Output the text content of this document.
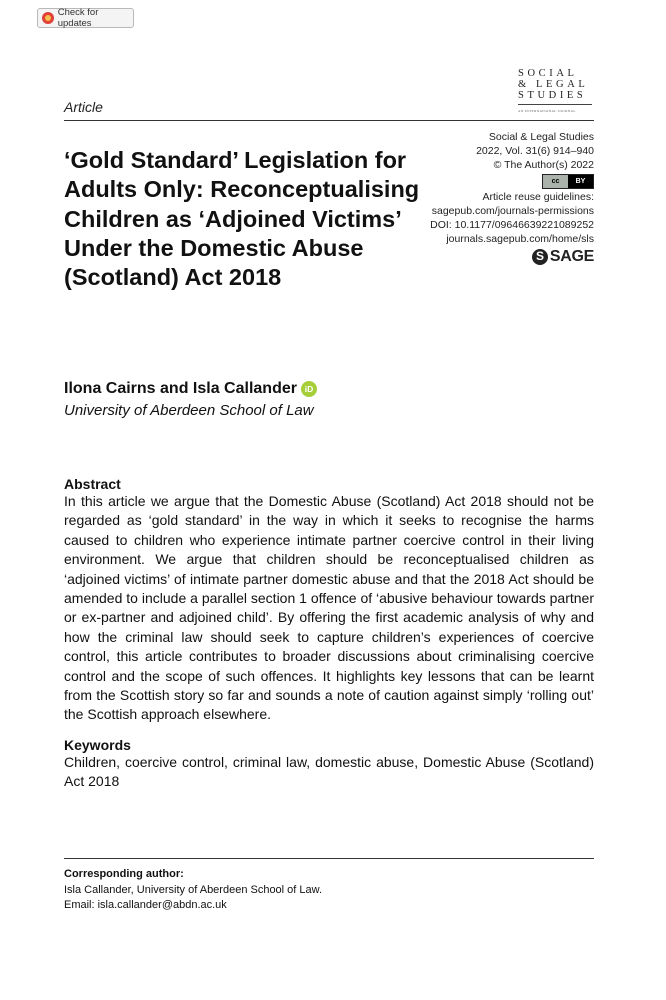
Check for updates
SOCIAL
& LEGAL
STUDIES
AN INTERNATIONAL JOURNAL
Article
Social & Legal Studies
2022, Vol. 31(6) 914–940
© The Author(s) 2022
cc	BY
Article reuse guidelines:
sagepub.com/journals-permissions
DOI: 10.1177/09646639221089252
journals.sagepub.com/home/sls
S SAGE
‘Gold Standard’ Legislation for Adults Only: Reconceptualising Children as ‘Adjoined Victims’ Under the Domestic Abuse (Scotland) Act 2018
Ilona Cairns and Isla Callander iD
University of Aberdeen School of Law
Abstract

In this article we argue that the Domestic Abuse (Scotland) Act 2018 should not be regarded as ‘gold standard’ in the way in which it seeks to recognise the harms caused to children who experience intimate partner coercive control in their living environment. We argue that children should be reconceptualised children as ‘adjoined victims’ of intimate partner domestic abuse and that the 2018 Act should be amended to include a parallel section 1 offence of ‘abusive behaviour towards partner or ex-partner and adjoined child’. By offering the first academic analysis of why and how the criminal law should seek to capture children’s experiences of coercive control, this article contributes to broader discussions about criminalising coercive control and the scope of such offences. It highlights key lessons that can be learnt from the Scottish story so far and sounds a note of caution against simply ‘rolling out’ the Scottish approach elsewhere.

Keywords

Children, coercive control, criminal law, domestic abuse, Domestic Abuse (Scotland) Act 2018

Corresponding author:
Isla Callander, University of Aberdeen School of Law.
Email: isla.callander@abdn.ac.uk
